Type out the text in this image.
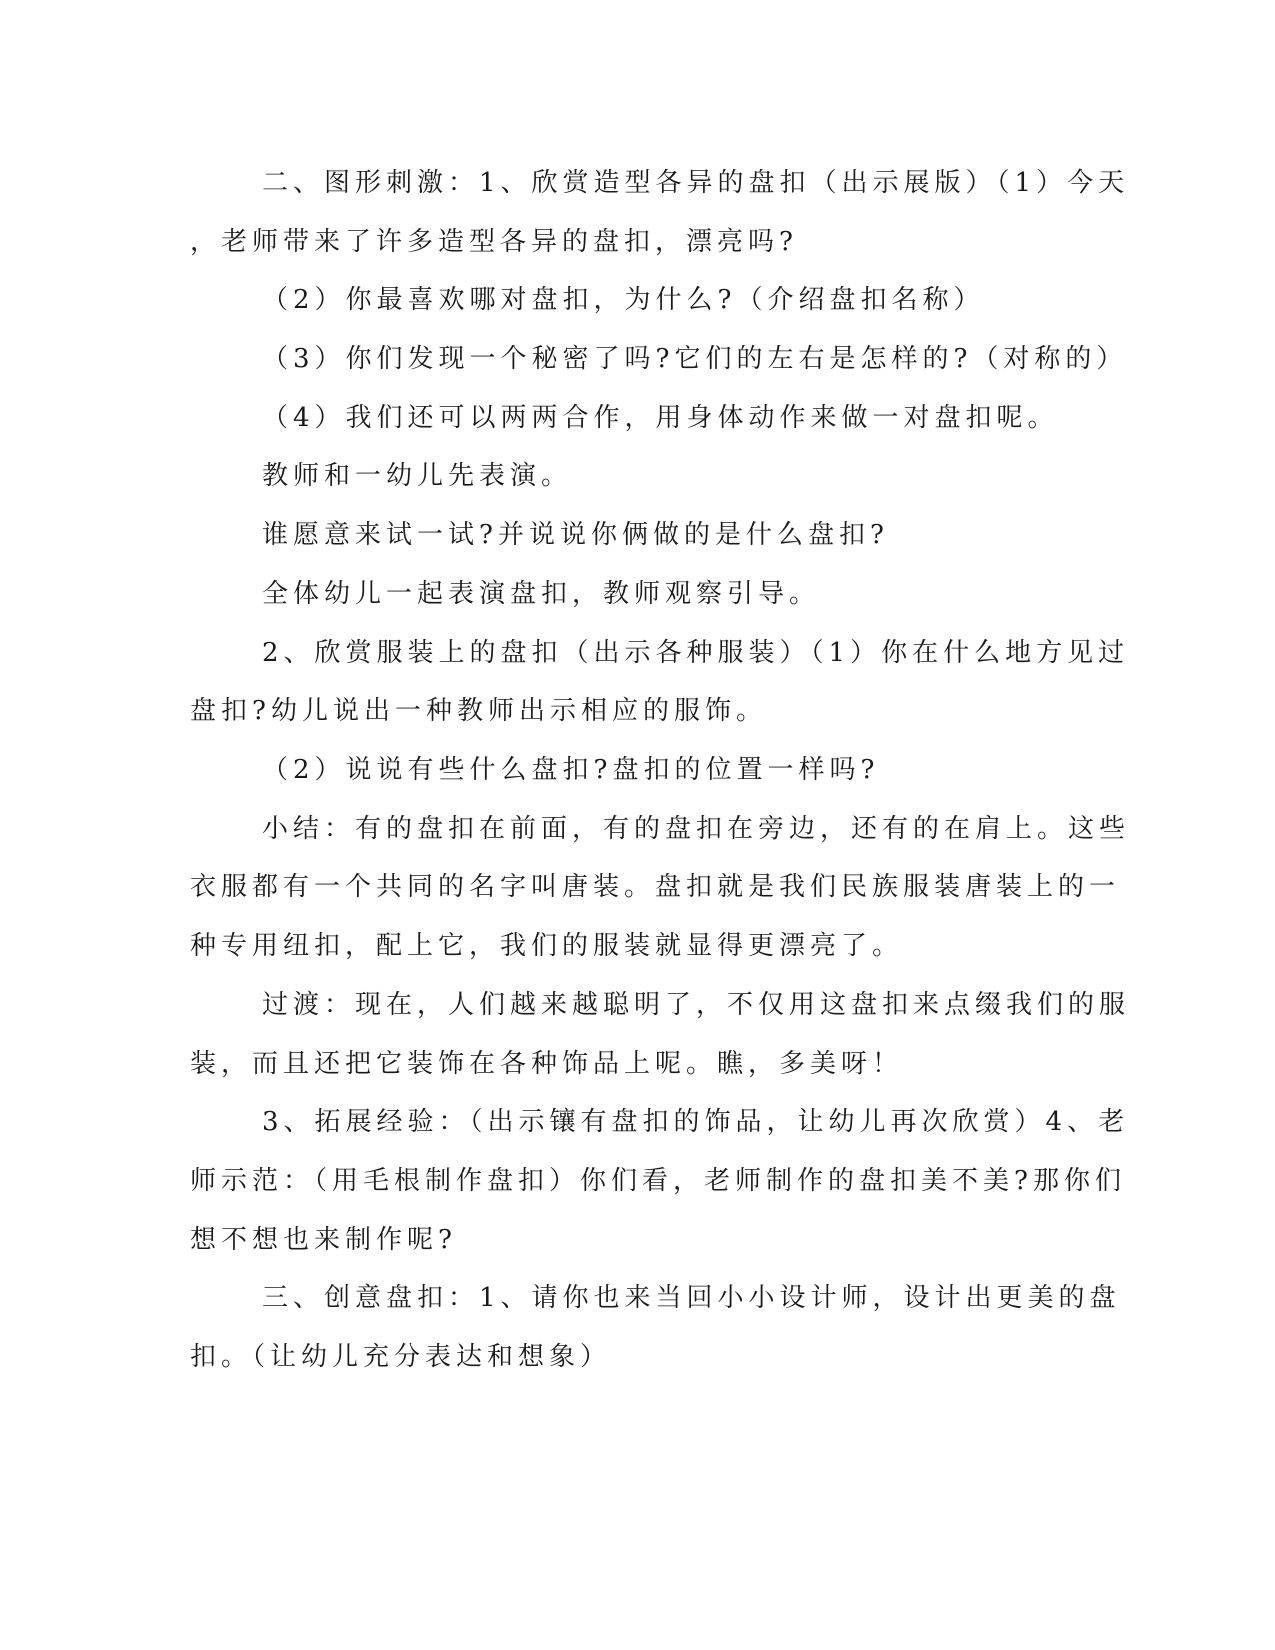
二、图形刺激：1、欣赏造型各异的盘扣（出示展版）（1）今天
，老师带来了许多造型各异的盘扣，漂亮吗?
（2）你最喜欢哪对盘扣，为什么?（介绍盘扣名称）
（3）你们发现一个秘密了吗?它们的左右是怎样的?（对称的）
（4）我们还可以两两合作，用身体动作来做一对盘扣呢。
教师和一幼儿先表演。
谁愿意来试一试?并说说你俩做的是什么盘扣?
全体幼儿一起表演盘扣，教师观察引导。
2、欣赏服装上的盘扣（出示各种服装）（1）你在什么地方见过
盘扣?幼儿说出一种教师出示相应的服饰。
（2）说说有些什么盘扣?盘扣的位置一样吗?
小结：有的盘扣在前面，有的盘扣在旁边，还有的在肩上。这些
衣服都有一个共同的名字叫唐装。盘扣就是我们民族服装唐装上的一
种专用纽扣，配上它，我们的服装就显得更漂亮了。
过渡：现在，人们越来越聪明了，不仅用这盘扣来点缀我们的服
装，而且还把它装饰在各种饰品上呢。瞧，多美呀！
3、拓展经验：（出示镶有盘扣的饰品，让幼儿再次欣赏）4、老
师示范：（用毛根制作盘扣）你们看，老师制作的盘扣美不美?那你们
想不想也来制作呢?
三、创意盘扣：1、请你也来当回小小设计师，设计出更美的盘
扣。（让幼儿充分表达和想象）
